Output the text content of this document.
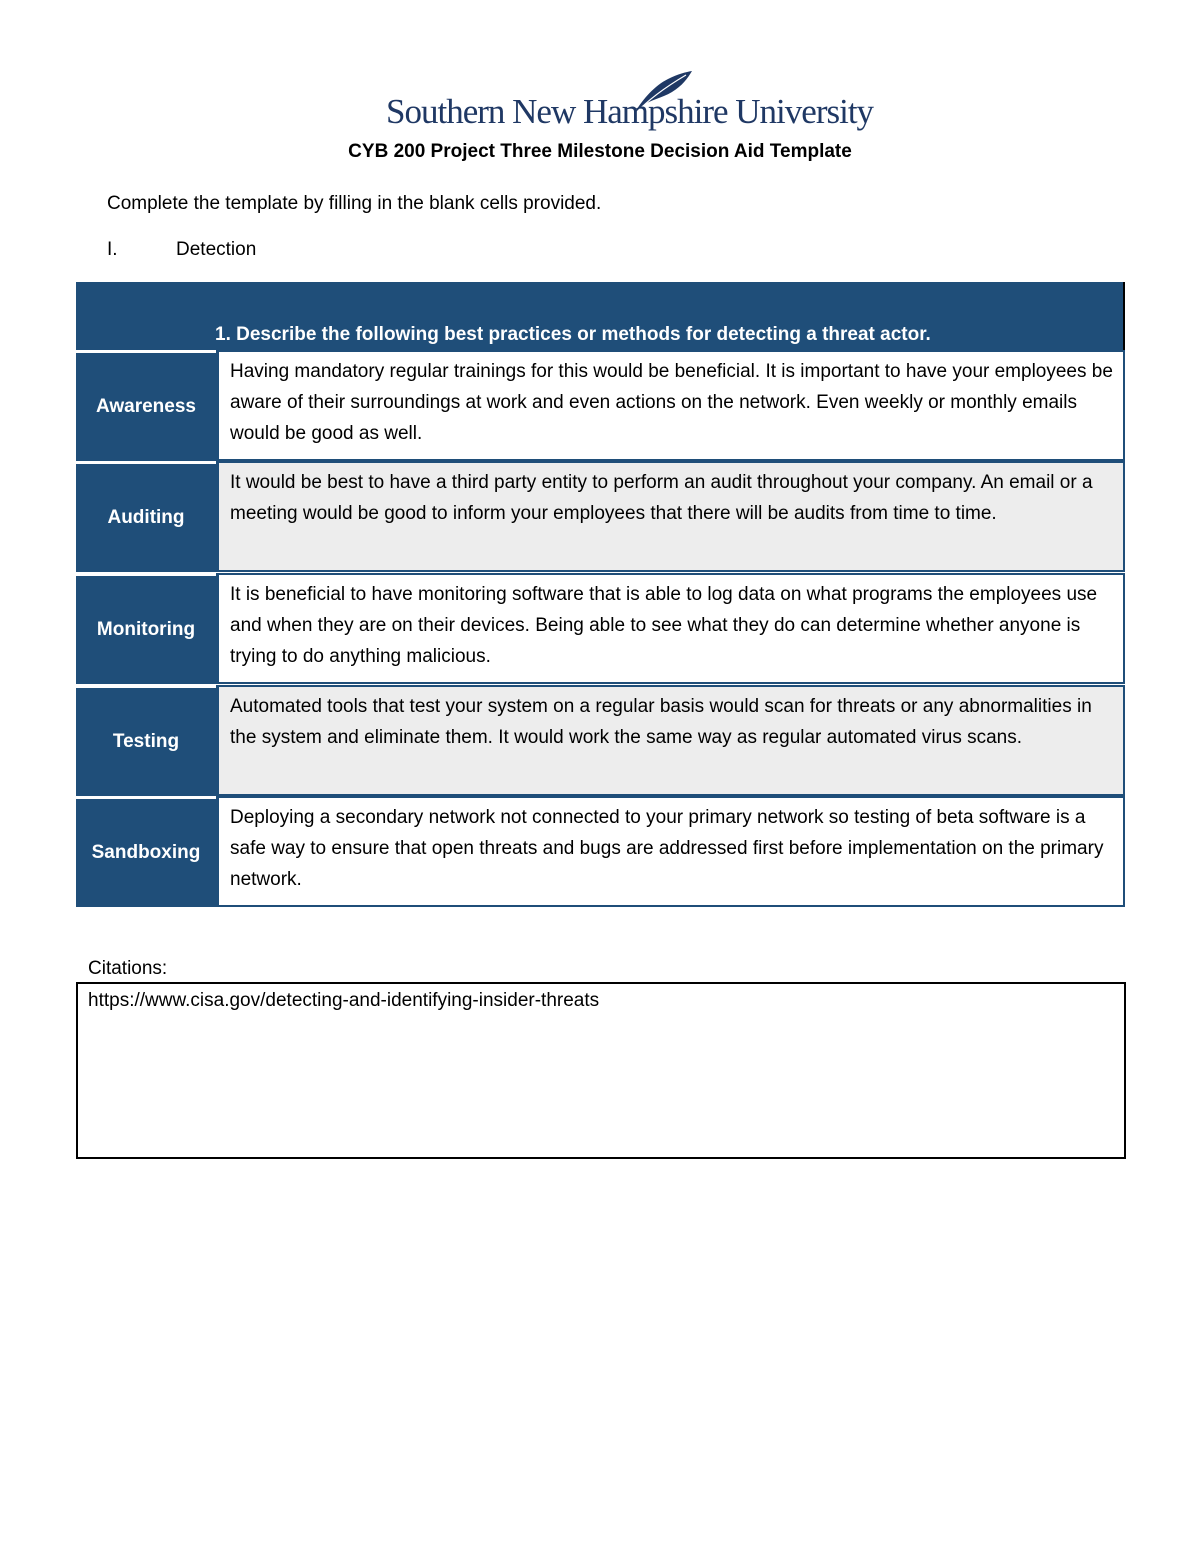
Southern New Hampshire University
CYB 200 Project Three Milestone Decision Aid Template
Complete the template by filling in the blank cells provided.
I.	Detection
1. Describe the following best practices or methods for detecting a threat actor.
Awareness
Having mandatory regular trainings for this would be beneficial. It is important to have your employees be aware of their surroundings at work and even actions on the network. Even weekly or monthly emails would be good as well.
Auditing
It would be best to have a third party entity to perform an audit throughout your company. An email or a meeting would be good to inform your employees that there will be audits from time to time.
Monitoring
It is beneficial to have monitoring software that is able to log data on what programs the employees use and when they are on their devices. Being able to see what they do can determine whether anyone is trying to do anything malicious.
Testing
Automated tools that test your system on a regular basis would scan for threats or any abnormalities in the system and eliminate them. It would work the same way as regular automated virus scans.
Sandboxing
Deploying a secondary network not connected to your primary network so testing of beta software is a safe way to ensure that open threats and bugs are addressed first before implementation on the primary network.
Citations:
https://www.cisa.gov/detecting-and-identifying-insider-threats
